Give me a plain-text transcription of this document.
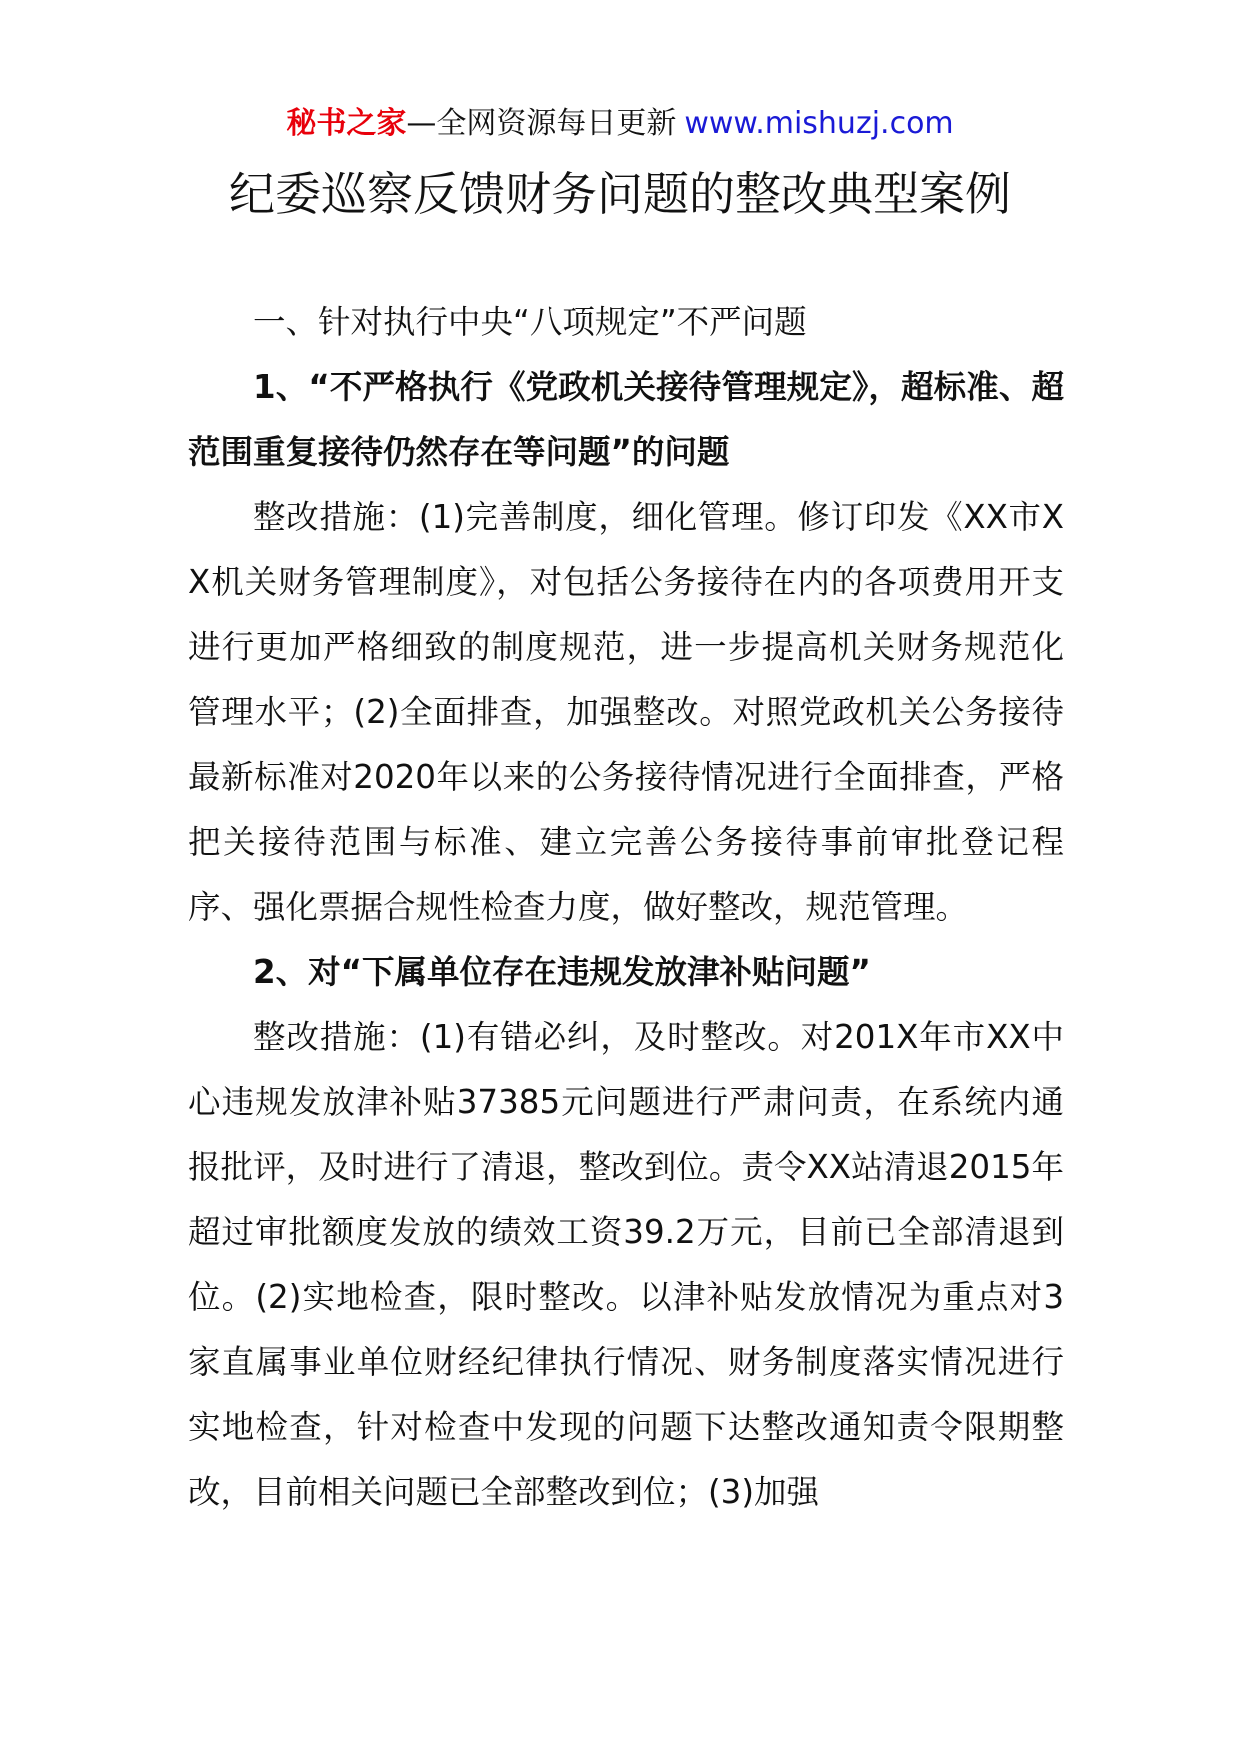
秘书之家—全网资源每日更新 www.mishuzj.com
纪委巡察反馈财务问题的整改典型案例

一、针对执行中央“八项规定”不严问题

1、“不严格执行《党政机关接待管理规定》，超标准、超范围重复接待仍然存在等问题”的问题

整改措施：(1)完善制度，细化管理。修订印发《XX市XX机关财务管理制度》，对包括公务接待在内的各项费用开支进行更加严格细致的制度规范，进一步提高机关财务规范化管理水平；(2)全面排查，加强整改。对照党政机关公务接待最新标准对2020年以来的公务接待情况进行全面排查，严格把关接待范围与标准、建立完善公务接待事前审批登记程序、强化票据合规性检查力度，做好整改，规范管理。

2、对“下属单位存在违规发放津补贴问题”

整改措施：(1)有错必纠，及时整改。对201X年市XX中心违规发放津补贴37385元问题进行严肃问责，在系统内通报批评，及时进行了清退，整改到位。责令XX站清退2015年超过审批额度发放的绩效工资39.2万元，目前已全部清退到位。(2)实地检查，限时整改。以津补贴发放情况为重点对3家直属事业单位财经纪律执行情况、财务制度落实情况进行实地检查，针对检查中发现的问题下达整改通知责令限期整改，目前相关问题已全部整改到位；(3)加强
